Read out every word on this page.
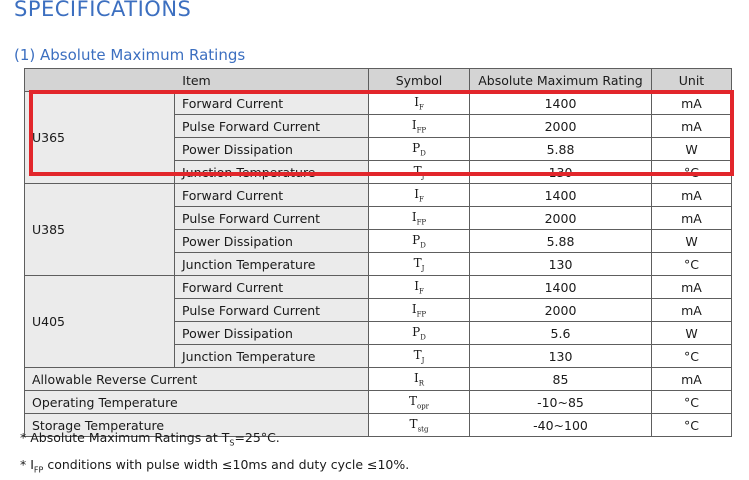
SPECIFICATIONS
(1) Absolute Maximum Ratings
Item		Symbol	Absolute Maximum Rating	Unit
U365	Forward Current	$I_F$	1400	mA
	Pulse Forward Current	$I_{FP}$	2000	mA
	Power Dissipation	$P_D$	5.88	W
	Junction Temperature	$T_J$	130	°C
U385	Forward Current	$I_F$	1400	mA
	Pulse Forward Current	$I_{FP}$	2000	mA
	Power Dissipation	$P_D$	5.88	W
	Junction Temperature	$T_J$	130	°C
U405	Forward Current	$I_F$	1400	mA
	Pulse Forward Current	$I_{FP}$	2000	mA
	Power Dissipation	$P_D$	5.6	W
	Junction Temperature	$T_J$	130	°C
Allowable Reverse Current		$I_R$	85	mA
Operating Temperature		$T_{opr}$	-10~85	°C
Storage Temperature		$T_{stg}$	-40~100	°C
* Absolute Maximum Ratings at $T_S=25^\circ C$.
* $I_{FP}$ conditions with pulse width ≤10ms and duty cycle ≤10%.
